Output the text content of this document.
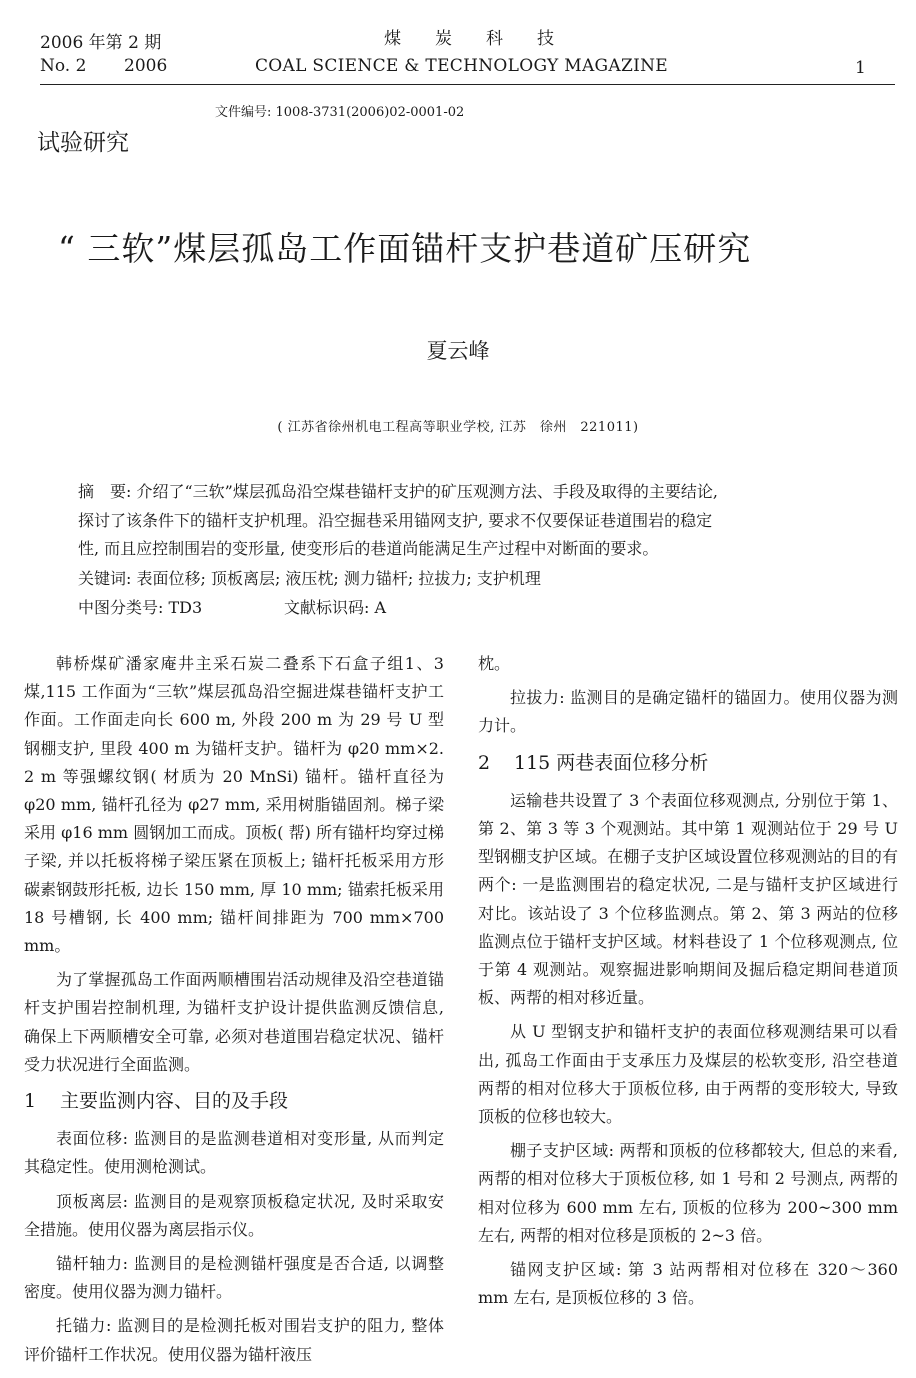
2006 年第 2 期	煤　　炭　　科　　技
No. 2 2006	COAL SCIENCE & TECHNOLOGY MAGAZINE	1
文件编号: 1008-3731(2006)02-0001-02
试验研究
“ 三软”煤层孤岛工作面锚杆支护巷道矿压研究
夏云峰
( 江苏省徐州机电工程高等职业学校, 江苏　徐州　221011)

摘　要: 介绍了“三软”煤层孤岛沿空煤巷锚杆支护的矿压观测方法、手段及取得的主要结论,

探讨了该条件下的锚杆支护机理。沿空掘巷采用锚网支护, 要求不仅要保证巷道围岩的稳定

性, 而且应控制围岩的变形量, 使变形后的巷道尚能满足生产过程中对断面的要求。

关键词: 表面位移; 顶板离层; 液压枕; 测力锚杆; 拉拔力; 支护机理
中图分类号: TD3	文献标识码: A

韩桥煤矿潘家庵井主采石炭二叠系下石盒子组1、3 煤,115 工作面为“三软”煤层孤岛沿空掘进煤巷锚杆支护工作面。工作面走向长 600 m, 外段 200 m 为 29 号 U 型钢棚支护, 里段 400 m 为锚杆支护。锚杆为 φ20 mm×2. 2 m 等强螺纹钢( 材质为 20 MnSi) 锚杆。锚杆直径为 φ20 mm, 锚杆孔径为 φ27 mm, 采用树脂锚固剂。梯子梁采用 φ16 mm 圆钢加工而成。顶板( 帮) 所有锚杆均穿过梯子梁, 并以托板将梯子梁压紧在顶板上; 锚杆托板采用方形碳素钢鼓形托板, 边长 150 mm, 厚 10 mm; 锚索托板采用 18 号槽钢, 长 400 mm; 锚杆间排距为 700 mm×700 mm。

为了掌握孤岛工作面两顺槽围岩活动规律及沿空巷道锚杆支护围岩控制机理, 为锚杆支护设计提供监测反馈信息, 确保上下两顺槽安全可靠, 必须对巷道围岩稳定状况、锚杆受力状况进行全面监测。

1 主要监测内容、目的及手段

表面位移: 监测目的是监测巷道相对变形量, 从而判定其稳定性。使用测枪测试。

顶板离层: 监测目的是观察顶板稳定状况, 及时采取安全措施。使用仪器为离层指示仪。

锚杆轴力: 监测目的是检测锚杆强度是否合适, 以调整密度。使用仪器为测力锚杆。

托锚力: 监测目的是检测托板对围岩支护的阻力, 整体评价锚杆工作状况。使用仪器为锚杆液压

枕。

拉拔力: 监测目的是确定锚杆的锚固力。使用仪器为测力计。

2 115 两巷表面位移分析

运输巷共设置了 3 个表面位移观测点, 分别位于第 1、第 2、第 3 等 3 个观测站。其中第 1 观测站位于 29 号 U 型钢棚支护区域。在棚子支护区域设置位移观测站的目的有两个: 一是监测围岩的稳定状况, 二是与锚杆支护区域进行对比。该站设了 3 个位移监测点。第 2、第 3 两站的位移监测点位于锚杆支护区域。材料巷设了 1 个位移观测点, 位于第 4 观测站。观察掘进影响期间及掘后稳定期间巷道顶板、两帮的相对移近量。

从 U 型钢支护和锚杆支护的表面位移观测结果可以看出, 孤岛工作面由于支承压力及煤层的松软变形, 沿空巷道两帮的相对位移大于顶板位移, 由于两帮的变形较大, 导致顶板的位移也较大。

棚子支护区域: 两帮和顶板的位移都较大, 但总的来看, 两帮的相对位移大于顶板位移, 如 1 号和 2 号测点, 两帮的相对位移为 600 mm 左右, 顶板的位移为 200~300 mm 左右, 两帮的相对位移是顶板的 2~3 倍。

锚网支护区域: 第 3 站两帮相对位移在 320～360 mm 左右, 是顶板位移的 3 倍。
